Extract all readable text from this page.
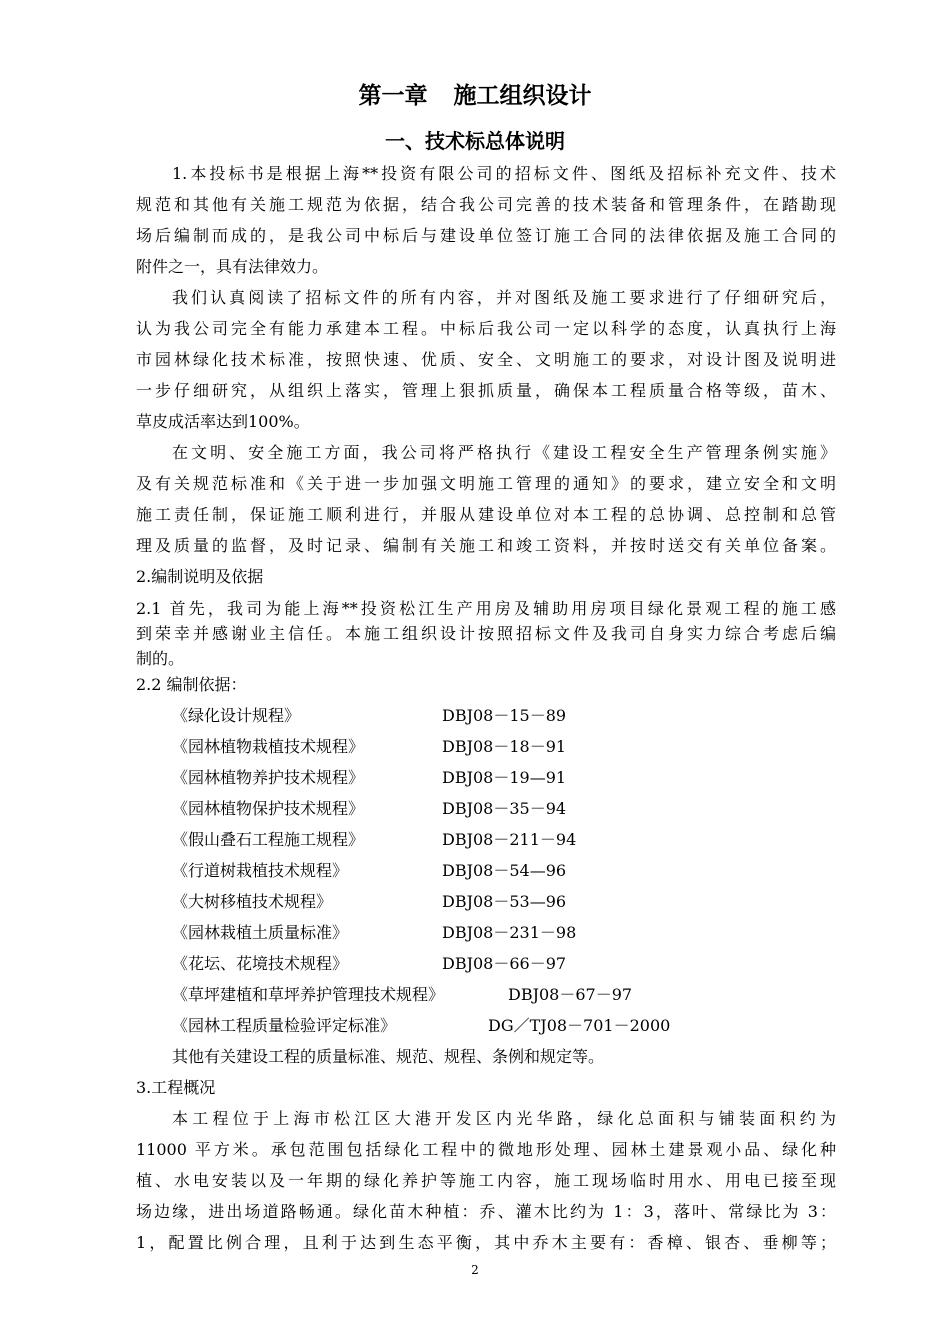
第一章 施工组织设计
一、技术标总体说明
1.本投标书是根据上海**投资有限公司的招标文件、图纸及招标补充文件、技术
规范和其他有关施工规范为依据，结合我公司完善的技术装备和管理条件，在踏勘现
场后编制而成的，是我公司中标后与建设单位签订施工合同的法律依据及施工合同的
附件之一，具有法律效力。
我们认真阅读了招标文件的所有内容，并对图纸及施工要求进行了仔细研究后，
认为我公司完全有能力承建本工程。中标后我公司一定以科学的态度，认真执行上海
市园林绿化技术标准，按照快速、优质、安全、文明施工的要求，对设计图及说明进
一步仔细研究，从组织上落实，管理上狠抓质量，确保本工程质量合格等级，苗木、
草皮成活率达到100%。
在文明、安全施工方面，我公司将严格执行《建设工程安全生产管理条例实施》
及有关规范标准和《关于进一步加强文明施工管理的通知》的要求，建立安全和文明
施工责任制，保证施工顺利进行，并服从建设单位对本工程的总协调、总控制和总管
理及质量的监督，及时记录、编制有关施工和竣工资料，并按时送交有关单位备案。
2.编制说明及依据
2.1 首先，我司为能上海**投资松江生产用房及辅助用房项目绿化景观工程的施工感
到荣幸并感谢业主信任。本施工组织设计按照招标文件及我司自身实力综合考虑后编
制的。
2.2 编制依据：
《绿化设计规程》	DBJ08－15－89
《园林植物栽植技术规程》	DBJ08－18－91
《园林植物养护技术规程》	DBJ08－19—91
《园林植物保护技术规程》	DBJ08－35－94
《假山叠石工程施工规程》	DBJ08－211－94
《行道树栽植技术规程》	DBJ08－54—96
《大树移植技术规程》	DBJ08－53—96
《园林栽植土质量标准》	DBJ08－231－98
《花坛、花境技术规程》	DBJ08－66－97
《草坪建植和草坪养护管理技术规程》	DBJ08－67－97
《园林工程质量检验评定标准》	DG／TJ08－701－2000
其他有关建设工程的质量标准、规范、规程、条例和规定等。
3.工程概况
本工程位于上海市松江区大港开发区内光华路，绿化总面积与铺装面积约为
11000 平方米。承包范围包括绿化工程中的微地形处理、园林土建景观小品、绿化种
植、水电安装以及一年期的绿化养护等施工内容，施工现场临时用水、用电已接至现
场边缘，进出场道路畅通。绿化苗木种植：乔、灌木比约为 1：3，落叶、常绿比为 3：
1，配置比例合理，且利于达到生态平衡，其中乔木主要有：香樟、银杏、垂柳等；
2
